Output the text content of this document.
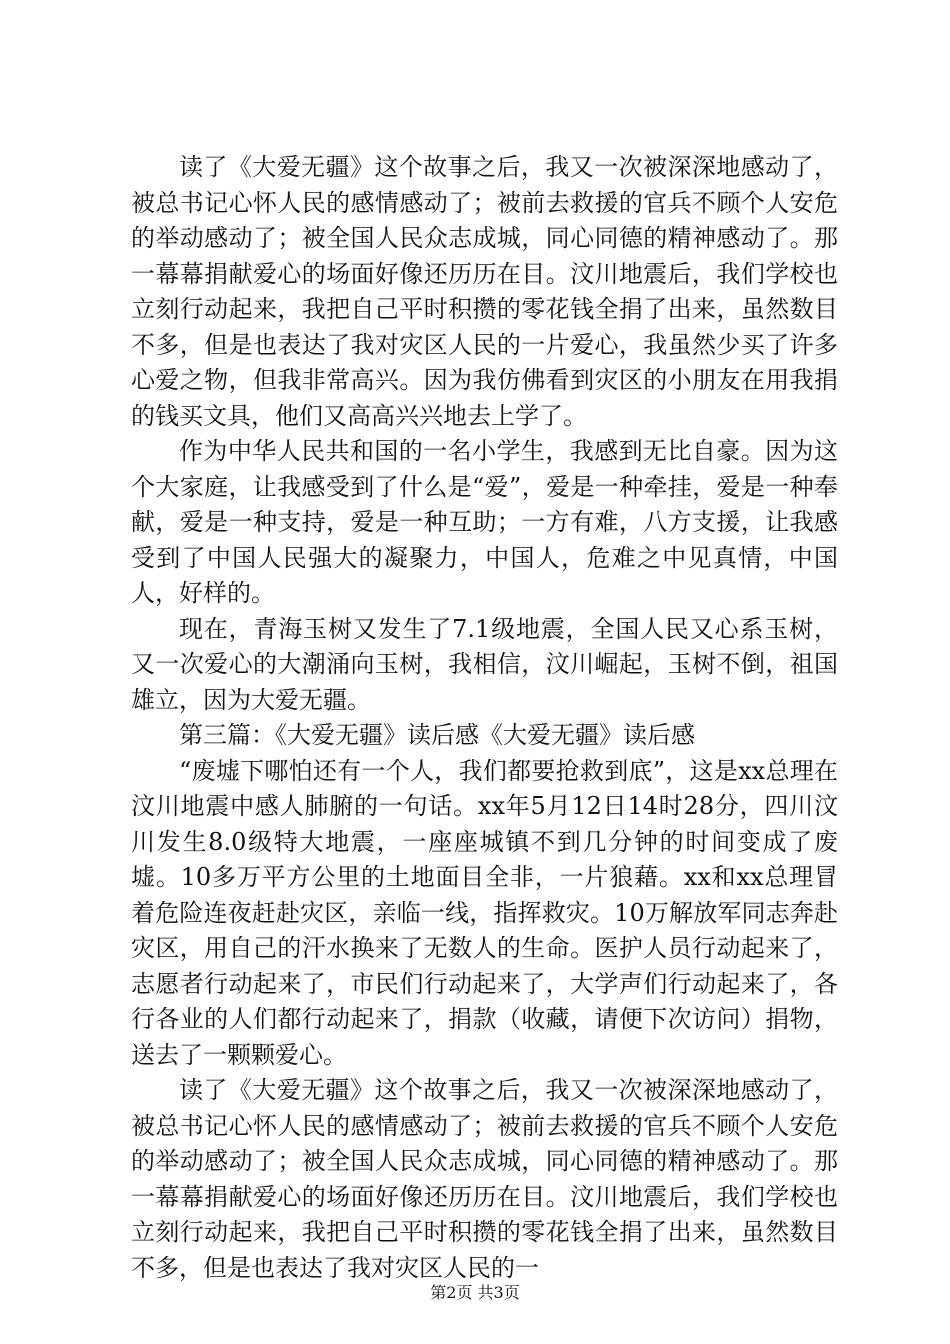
读了《大爱无疆》这个故事之后，我又一次被深深地感动了，被总书记心怀人民的感情感动了；被前去救援的官兵不顾个人安危的举动感动了；被全国人民众志成城，同心同德的精神感动了。那一幕幕捐献爱心的场面好像还历历在目。汶川地震后，我们学校也立刻行动起来，我把自己平时积攒的零花钱全捐了出来，虽然数目不多，但是也表达了我对灾区人民的一片爱心，我虽然少买了许多心爱之物，但我非常高兴。因为我仿佛看到灾区的小朋友在用我捐的钱买文具，他们又高高兴兴地去上学了。

作为中华人民共和国的一名小学生，我感到无比自豪。因为这个大家庭，让我感受到了什么是“爱”，爱是一种牵挂，爱是一种奉献，爱是一种支持，爱是一种互助；一方有难，八方支援，让我感受到了中国人民强大的凝聚力，中国人，危难之中见真情，中国人，好样的。

现在，青海玉树又发生了7.1级地震，全国人民又心系玉树，又一次爱心的大潮涌向玉树，我相信，汶川崛起，玉树不倒，祖国雄立，因为大爱无疆。

第三篇：《大爱无疆》读后感《大爱无疆》读后感

“废墟下哪怕还有一个人，我们都要抢救到底”，这是xx总理在汶川地震中感人肺腑的一句话。xx年5月12日14时28分，四川汶川发生8.0级特大地震，一座座城镇不到几分钟的时间变成了废墟。10多万平方公里的土地面目全非，一片狼藉。xx和xx总理冒着危险连夜赶赴灾区，亲临一线，指挥救灾。10万解放军同志奔赴灾区，用自己的汗水换来了无数人的生命。医护人员行动起来了，志愿者行动起来了，市民们行动起来了，大学声们行动起来了，各行各业的人们都行动起来了，捐款（收藏，请便下次访问）捐物，送去了一颗颗爱心。

读了《大爱无疆》这个故事之后，我又一次被深深地感动了，被总书记心怀人民的感情感动了；被前去救援的官兵不顾个人安危的举动感动了；被全国人民众志成城，同心同德的精神感动了。那一幕幕捐献爱心的场面好像还历历在目。汶川地震后，我们学校也立刻行动起来，我把自己平时积攒的零花钱全捐了出来，虽然数目不多，但是也表达了我对灾区人民的一

第2页 共3页
